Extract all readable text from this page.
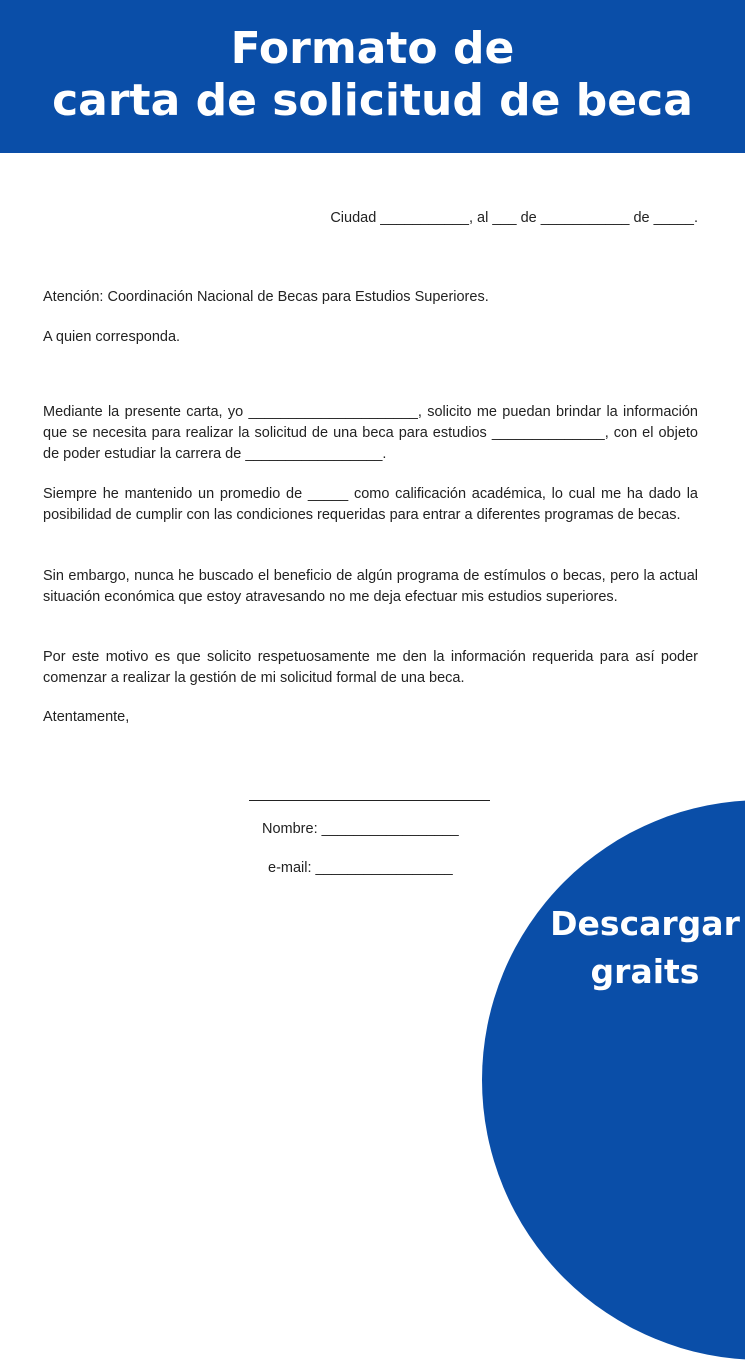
Formato de
carta de solicitud de beca
Ciudad ___________, al ___ de ___________ de _____.
Atención: Coordinación Nacional de Becas para Estudios Superiores.
A quien corresponda.
Mediante la presente carta, yo _____________________, solicito me puedan brindar la información que se necesita para realizar la solicitud de una beca para estudios ______________, con el objeto de poder estudiar la carrera de _________________.
Siempre he mantenido un promedio de _____ como calificación académica, lo cual me ha dado la posibilidad de cumplir con las condiciones requeridas para entrar a diferentes programas de becas.
Sin embargo, nunca he buscado el beneficio de algún programa de estímulos o becas, pero la actual situación económica que estoy atravesando no me deja efectuar mis estudios superiores.
Por este motivo es que solicito respetuosamente me den la información requerida para así poder comenzar a realizar la gestión de mi solicitud formal de una beca.
Atentamente,
Nombre: _________________
e-mail: _________________
Descargar
graits
